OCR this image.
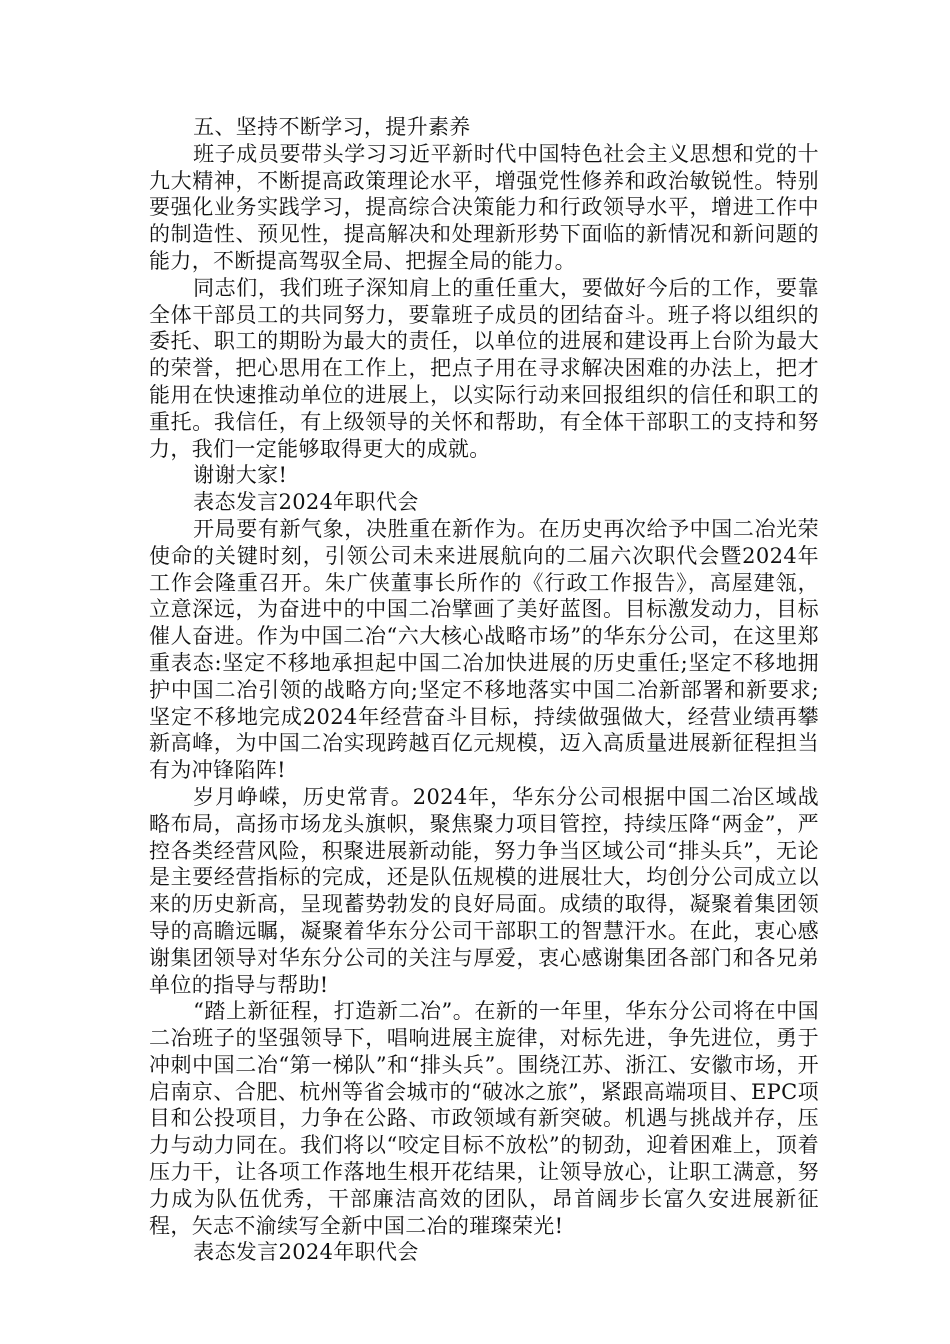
五、坚持不断学习，提升素养

班子成员要带头学习习近平新时代中国特色社会主义思想和党的十九大精神，不断提高政策理论水平，增强党性修养和政治敏锐性。特别要强化业务实践学习，提高综合决策能力和行政领导水平，增进工作中的制造性、预见性，提高解决和处理新形势下面临的新情况和新问题的能力，不断提高驾驭全局、把握全局的能力。

同志们，我们班子深知肩上的重任重大，要做好今后的工作，要靠全体干部员工的共同努力，要靠班子成员的团结奋斗。班子将以组织的委托、职工的期盼为最大的责任，以单位的进展和建设再上台阶为最大的荣誉，把心思用在工作上，把点子用在寻求解决困难的办法上，把才能用在快速推动单位的进展上，以实际行动来回报组织的信任和职工的重托。我信任，有上级领导的关怀和帮助，有全体干部职工的支持和努力，我们一定能够取得更大的成就。

谢谢大家!

表态发言2024年职代会

开局要有新气象，决胜重在新作为。在历史再次给予中国二冶光荣使命的关键时刻，引领公司未来进展航向的二届六次职代会暨2024年工作会隆重召开。朱广侠董事长所作的《行政工作报告》，高屋建瓴，立意深远，为奋进中的中国二冶擘画了美好蓝图。目标激发动力，目标催人奋进。作为中国二冶“六大核心战略市场”的华东分公司，在这里郑重表态:坚定不移地承担起中国二冶加快进展的历史重任;坚定不移地拥护中国二冶引领的战略方向;坚定不移地落实中国二冶新部署和新要求;坚定不移地完成2024年经营奋斗目标，持续做强做大，经营业绩再攀新高峰，为中国二冶实现跨越百亿元规模，迈入高质量进展新征程担当有为冲锋陷阵!

岁月峥嵘，历史常青。2024年，华东分公司根据中国二冶区域战略布局，高扬市场龙头旗帜，聚焦聚力项目管控，持续压降“两金”，严控各类经营风险，积聚进展新动能，努力争当区域公司“排头兵”，无论是主要经营指标的完成，还是队伍规模的进展壮大，均创分公司成立以来的历史新高，呈现蓄势勃发的良好局面。成绩的取得，凝聚着集团领导的高瞻远瞩，凝聚着华东分公司干部职工的智慧汗水。在此，衷心感谢集团领导对华东分公司的关注与厚爱，衷心感谢集团各部门和各兄弟单位的指导与帮助!

“踏上新征程，打造新二冶”。在新的一年里，华东分公司将在中国二冶班子的坚强领导下，唱响进展主旋律，对标先进，争先进位，勇于冲刺中国二冶“第一梯队”和“排头兵”。围绕江苏、浙江、安徽市场，开启南京、合肥、杭州等省会城市的“破冰之旅”，紧跟高端项目、EPC项目和公投项目，力争在公路、市政领域有新突破。机遇与挑战并存，压力与动力同在。我们将以“咬定目标不放松”的韧劲，迎着困难上，顶着压力干，让各项工作落地生根开花结果，让领导放心，让职工满意，努力成为队伍优秀，干部廉洁高效的团队，昂首阔步长富久安进展新征程，矢志不渝续写全新中国二冶的璀璨荣光!

表态发言2024年职代会
